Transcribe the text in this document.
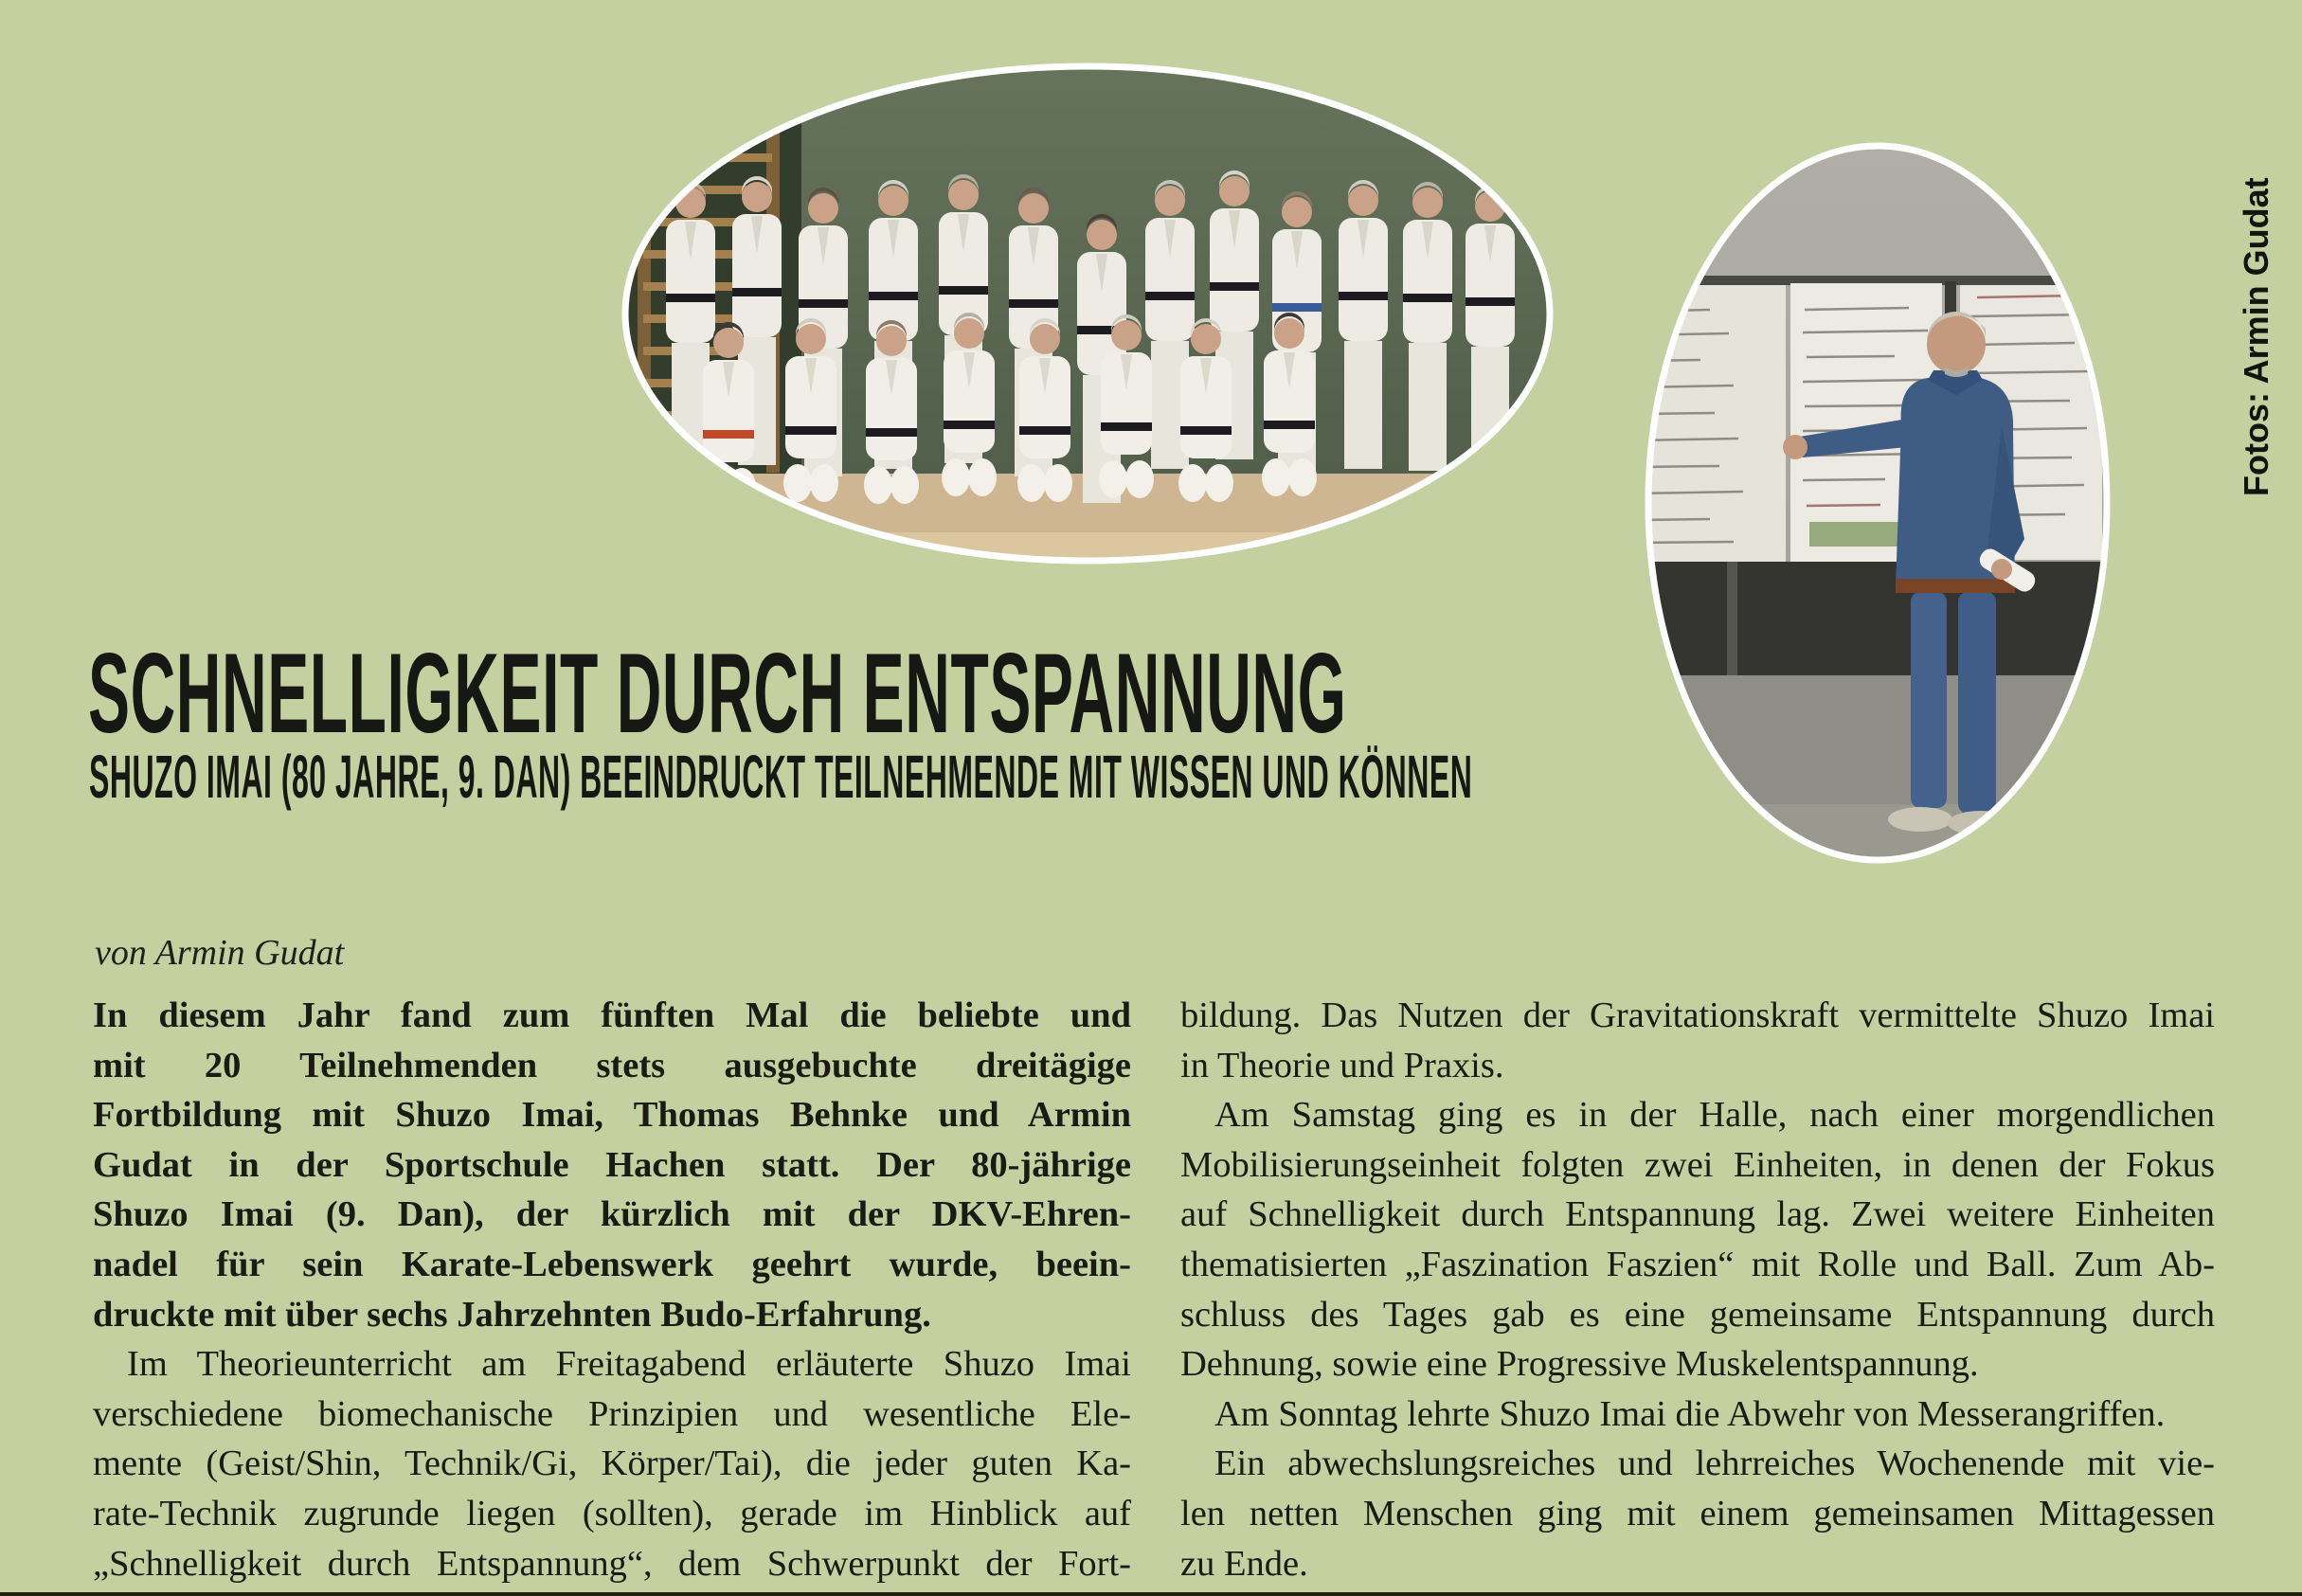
Fotos: Armin Gudat
SCHNELLIGKEIT DURCH ENTSPANNUNG
SHUZO IMAI (80 JAHRE, 9. DAN) BEEINDRUCKT TEILNEHMENDE MIT WISSEN UND KÖNNEN
von Armin Gudat
In diesem Jahr fand zum fünften Mal die beliebte und
mit 20 Teilnehmenden stets ausgebuchte dreitägige
Fortbildung mit Shuzo Imai, Thomas Behnke und Armin
Gudat in der Sportschule Hachen statt. Der 80-jährige
Shuzo Imai (9. Dan), der kürzlich mit der DKV-Ehren-
nadel für sein Karate-Lebenswerk geehrt wurde, beein-
druckte mit über sechs Jahrzehnten Budo-Erfahrung.
Im Theorieunterricht am Freitagabend erläuterte Shuzo Imai
verschiedene biomechanische Prinzipien und wesentliche Ele-
mente (Geist/Shin, Technik/Gi, Körper/Tai), die jeder guten Ka-
rate-Technik zugrunde liegen (sollten), gerade im Hinblick auf
„Schnelligkeit durch Entspannung“, dem Schwerpunkt der Fort-
bildung. Das Nutzen der Gravitationskraft vermittelte Shuzo Imai
in Theorie und Praxis.
Am Samstag ging es in der Halle, nach einer morgendlichen
Mobilisierungseinheit folgten zwei Einheiten, in denen der Fokus
auf Schnelligkeit durch Entspannung lag. Zwei weitere Einheiten
thematisierten „Faszination Faszien“ mit Rolle und Ball. Zum Ab-
schluss des Tages gab es eine gemeinsame Entspannung durch
Dehnung, sowie eine Progressive Muskelentspannung.
Am Sonntag lehrte Shuzo Imai die Abwehr von Messerangriffen.
Ein abwechslungsreiches und lehrreiches Wochenende mit vie-
len netten Menschen ging mit einem gemeinsamen Mittagessen
zu Ende.
